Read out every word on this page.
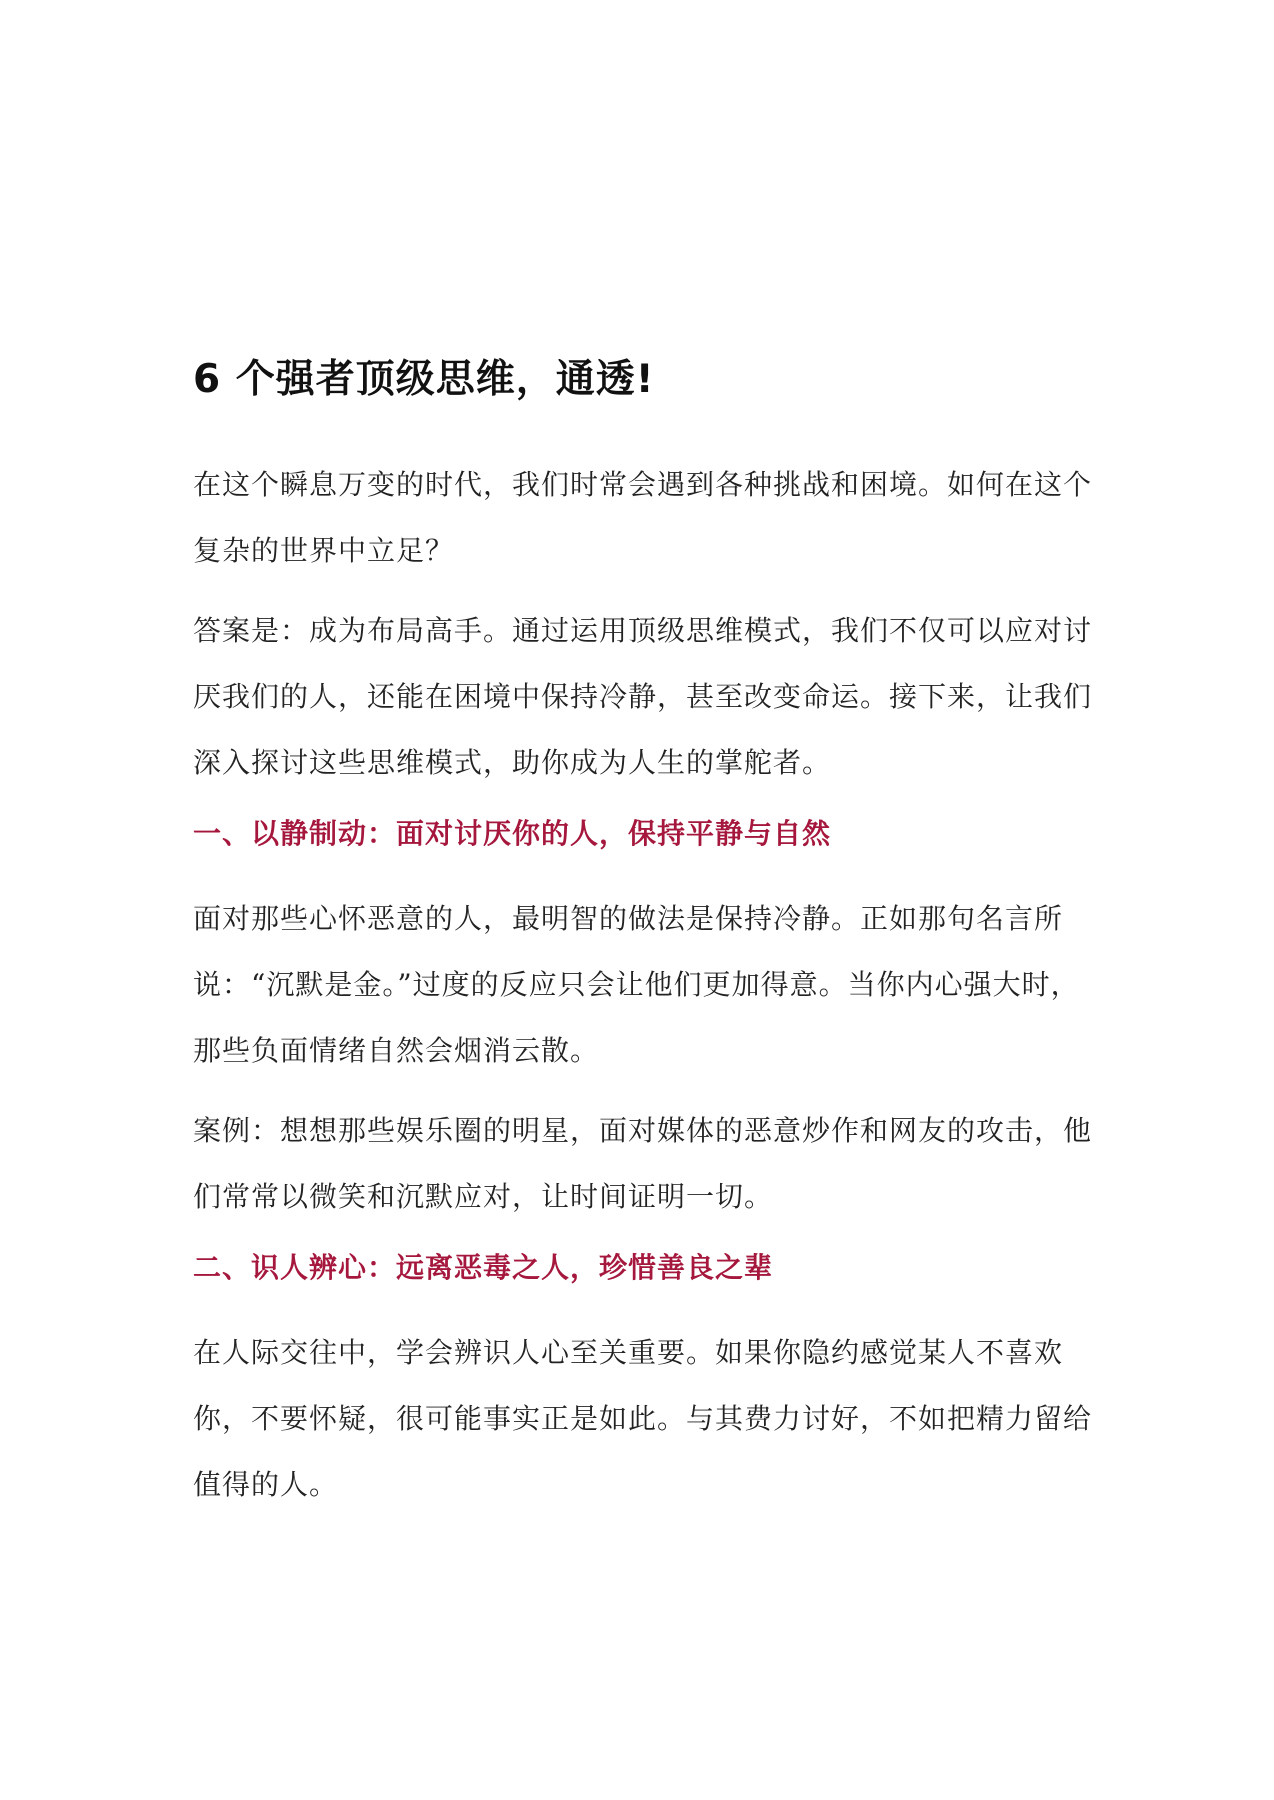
6 个强者顶级思维，通透!

在这个瞬息万变的时代，我们时常会遇到各种挑战和困境。如何在这个复杂的世界中立足？

答案是：成为布局高手。通过运用顶级思维模式，我们不仅可以应对讨厌我们的人，还能在困境中保持冷静，甚至改变命运。接下来，让我们深入探讨这些思维模式，助你成为人生的掌舵者。

一、以静制动：面对讨厌你的人，保持平静与自然

面对那些心怀恶意的人，最明智的做法是保持冷静。正如那句名言所说：“沉默是金。”过度的反应只会让他们更加得意。当你内心强大时，那些负面情绪自然会烟消云散。

案例：想想那些娱乐圈的明星，面对媒体的恶意炒作和网友的攻击，他们常常以微笑和沉默应对，让时间证明一切。

二、识人辨心：远离恶毒之人，珍惜善良之辈

在人际交往中，学会辨识人心至关重要。如果你隐约感觉某人不喜欢你，不要怀疑，很可能事实正是如此。与其费力讨好，不如把精力留给值得的人。
